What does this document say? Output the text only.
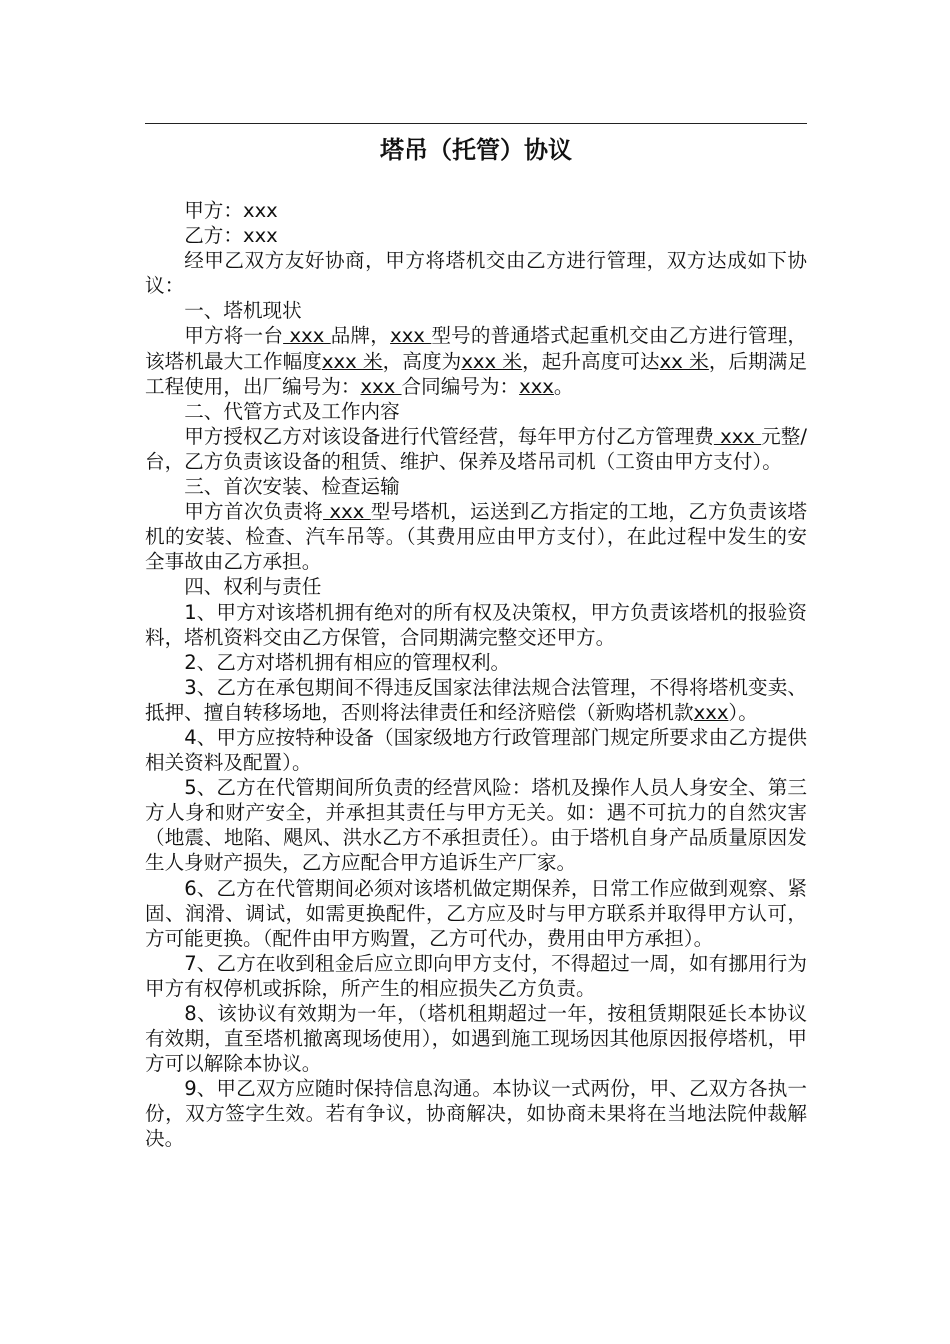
塔吊（托管）协议

甲方：xxx

乙方：xxx

经甲乙双方友好协商，甲方将塔机交由乙方进行管理，双方达成如下协议：

一、塔机现状

甲方将一台 xxx 品牌，xxx 型号的普通塔式起重机交由乙方进行管理，该塔机最大工作幅度xxx 米，高度为xxx 米，起升高度可达xx 米，后期满足工程使用，出厂编号为：xxx 合同编号为：xxx。

二、代管方式及工作内容

甲方授权乙方对该设备进行代管经营，每年甲方付乙方管理费 xxx 元整/台，乙方负责该设备的租赁、维护、保养及塔吊司机（工资由甲方支付）。

三、首次安装、检查运输

甲方首次负责将 xxx 型号塔机，运送到乙方指定的工地，乙方负责该塔机的安装、检查、汽车吊等。（其费用应由甲方支付），在此过程中发生的安全事故由乙方承担。

四、权利与责任

1、甲方对该塔机拥有绝对的所有权及决策权，甲方负责该塔机的报验资料，塔机资料交由乙方保管，合同期满完整交还甲方。

2、乙方对塔机拥有相应的管理权利。

3、乙方在承包期间不得违反国家法律法规合法管理，不得将塔机变卖、抵押、擅自转移场地，否则将法律责任和经济赔偿（新购塔机款xxx）。

4、甲方应按特种设备（国家级地方行政管理部门规定所要求由乙方提供相关资料及配置）。

5、乙方在代管期间所负责的经营风险：塔机及操作人员人身安全、第三方人身和财产安全，并承担其责任与甲方无关。如：遇不可抗力的自然灾害（地震、地陷、飓风、洪水乙方不承担责任）。由于塔机自身产品质量原因发生人身财产损失，乙方应配合甲方追诉生产厂家。

6、乙方在代管期间必须对该塔机做定期保养，日常工作应做到观察、紧固、润滑、调试，如需更换配件，乙方应及时与甲方联系并取得甲方认可，方可能更换。（配件由甲方购置，乙方可代办，费用由甲方承担）。

7、乙方在收到租金后应立即向甲方支付，不得超过一周，如有挪用行为甲方有权停机或拆除，所产生的相应损失乙方负责。

8、该协议有效期为一年，（塔机租期超过一年，按租赁期限延长本协议有效期，直至塔机撤离现场使用），如遇到施工现场因其他原因报停塔机，甲方可以解除本协议。

9、甲乙双方应随时保持信息沟通。本协议一式两份，甲、乙双方各执一份，双方签字生效。若有争议，协商解决，如协商未果将在当地法院仲裁解决。
